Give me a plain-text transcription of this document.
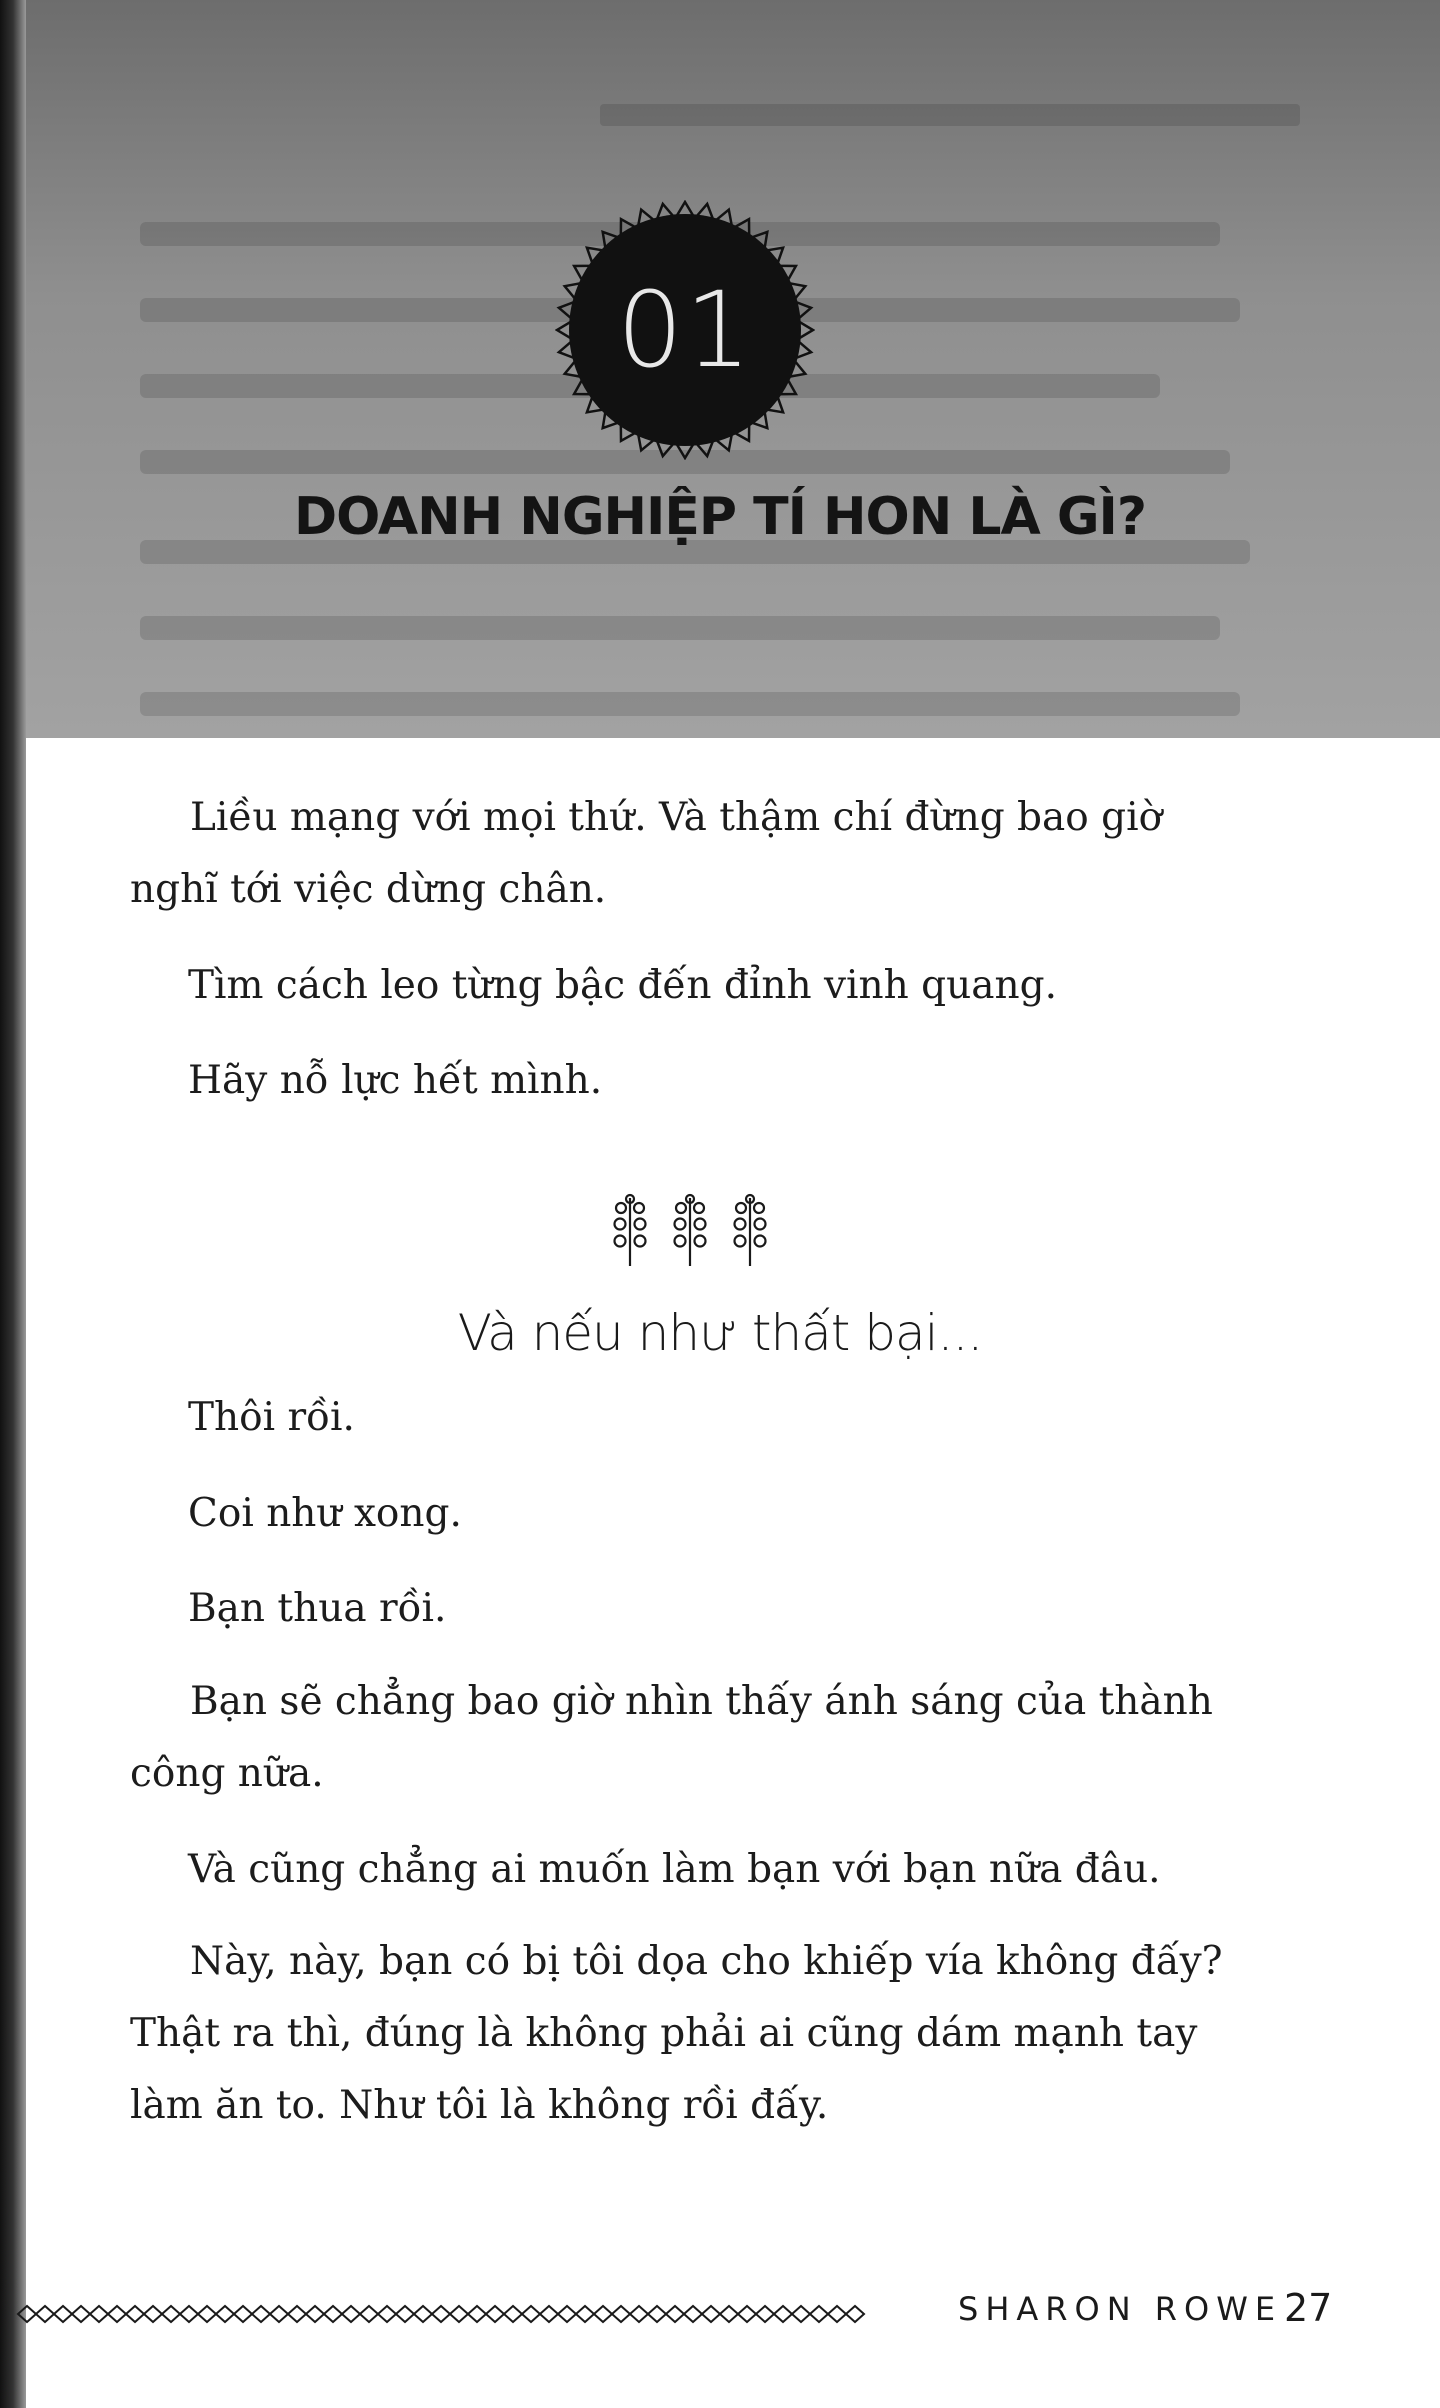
01
DOANH NGHIỆP TÍ HON LÀ GÌ?

Liều mạng với mọi thứ. Và thậm chí đừng bao giờ nghĩ tới việc dừng chân.

Tìm cách leo từng bậc đến đỉnh vinh quang.

Hãy nỗ lực hết mình.

Và nếu như thất bại...

Thôi rồi.

Coi như xong.

Bạn thua rồi.

Bạn sẽ chẳng bao giờ nhìn thấy ánh sáng của thành công nữa.

Và cũng chẳng ai muốn làm bạn với bạn nữa đâu.

Này, này, bạn có bị tôi dọa cho khiếp vía không đấy? Thật ra thì, đúng là không phải ai cũng dám mạnh tay làm ăn to. Như tôi là không rồi đấy.

SHARON ROWE 27
